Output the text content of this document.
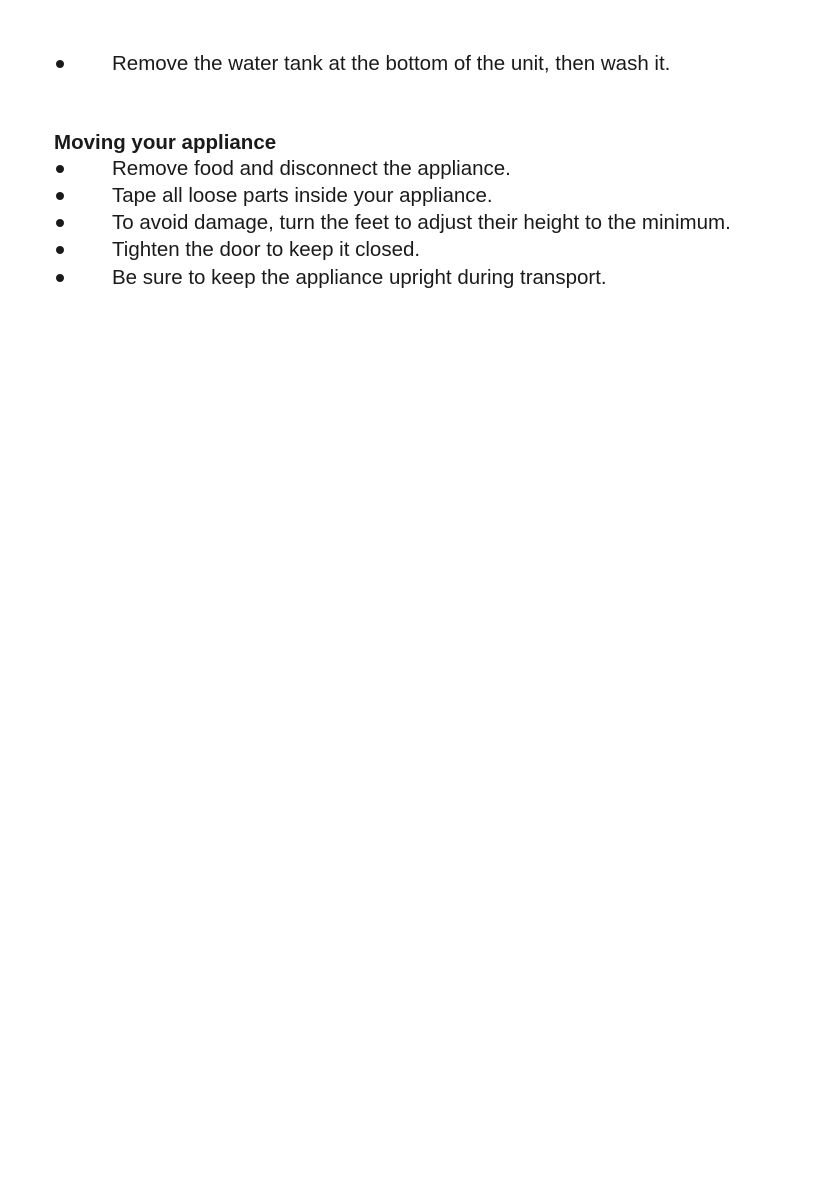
Remove the water tank at the bottom of the unit, then wash it.
Moving your appliance
Remove food and disconnect the appliance.
Tape all loose parts inside your appliance.
To avoid damage, turn the feet to adjust their height to the minimum.
Tighten the door to keep it closed.
Be sure to keep the appliance upright during transport.
